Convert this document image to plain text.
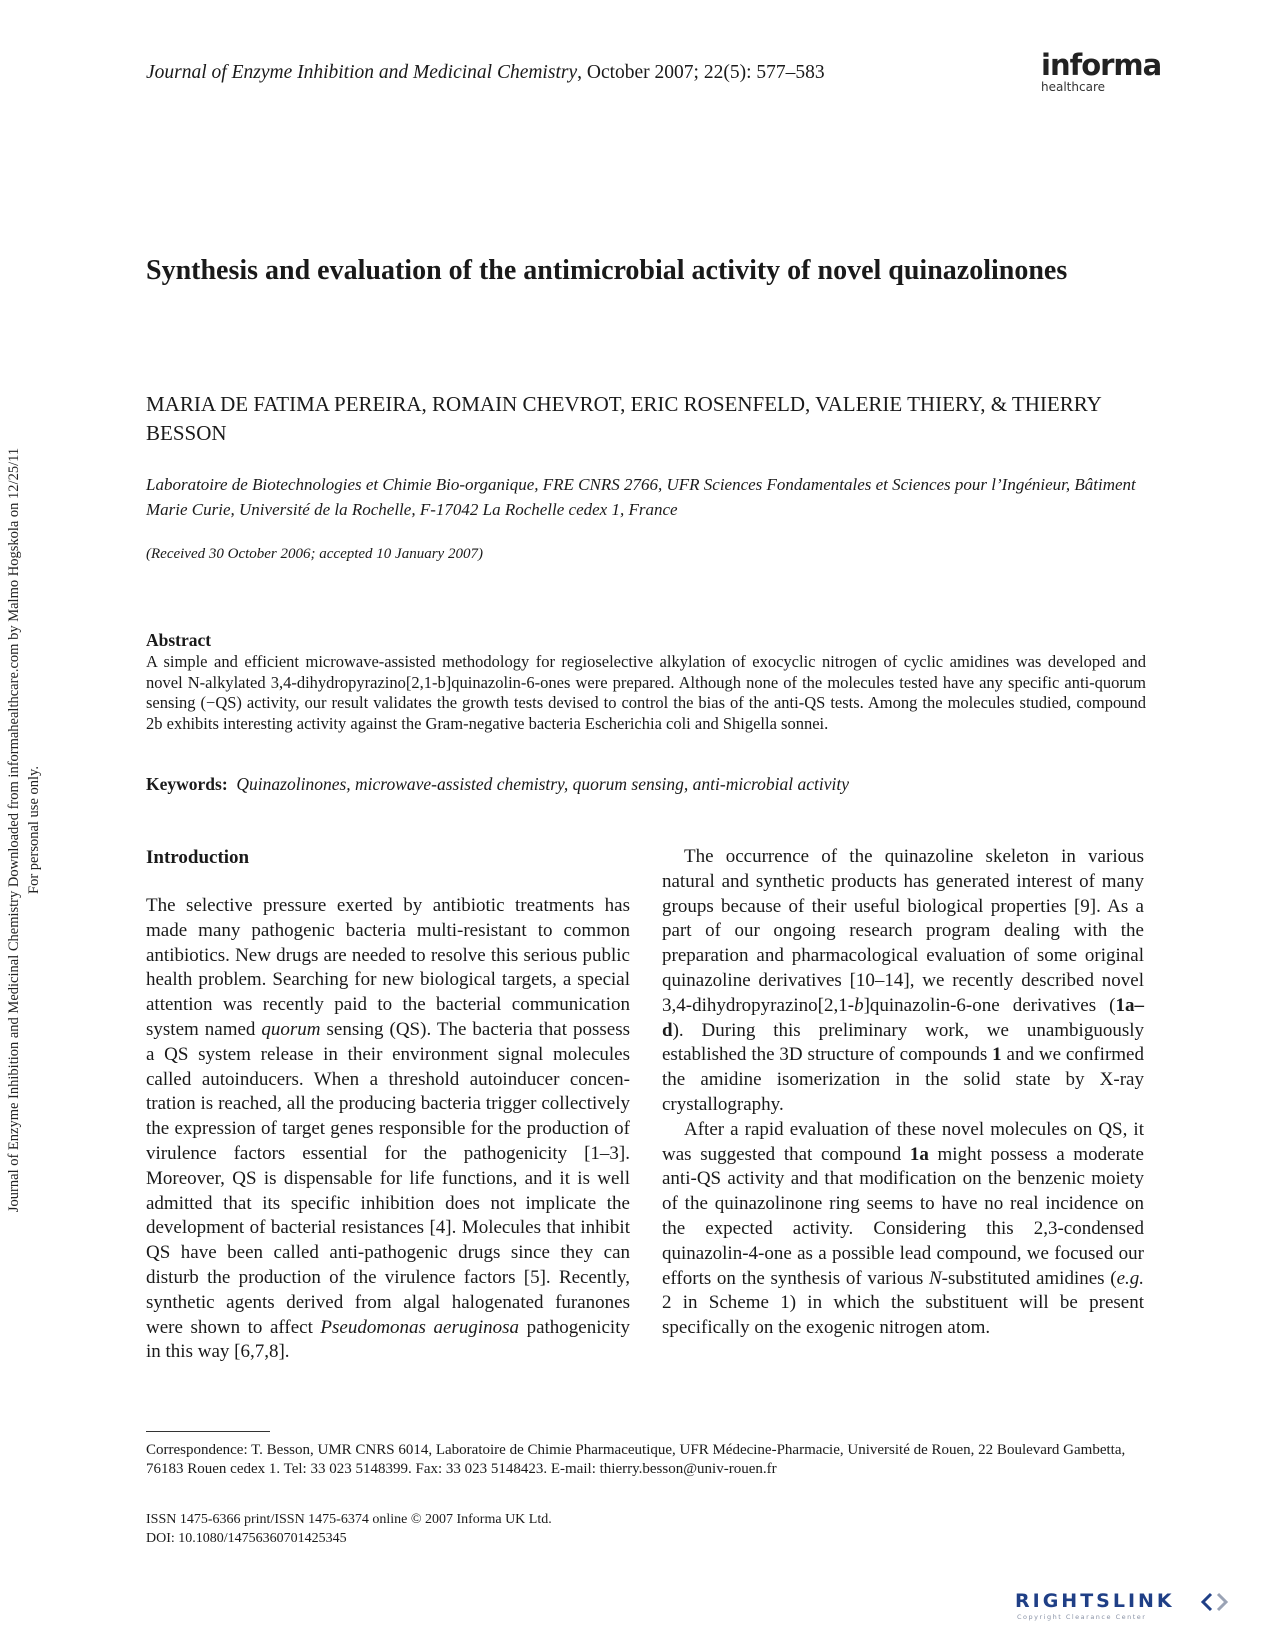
Journal of Enzyme Inhibition and Medicinal Chemistry, October 2007; 22(5): 577–583	informa
healthcare
Journal of Enzyme Inhibition and Medicinal Chemistry Downloaded from informahealthcare.com by Malmo Hogskola on 12/25/11 For personal use only.
Synthesis and evaluation of the antimicrobial activity of novel quinazolinones
MARIA DE FATIMA PEREIRA, ROMAIN CHEVROT, ERIC ROSENFELD, VALERIE THIERY, & THIERRY BESSON
Laboratoire de Biotechnologies et Chimie Bio-organique, FRE CNRS 2766, UFR Sciences Fondamentales et Sciences pour l’Ingénieur, Bâtiment Marie Curie, Université de la Rochelle, F-17042 La Rochelle cedex 1, France
(Received 30 October 2006; accepted 10 January 2007)
Abstract
A simple and efficient microwave-assisted methodology for regioselective alkylation of exocyclic nitrogen of cyclic amidines was developed and novel N-alkylated 3,4-dihydropyrazino[2,1-b]quinazolin-6-ones were prepared. Although none of the molecules tested have any specific anti-quorum sensing (−QS) activity, our result validates the growth tests devised to control the bias of the anti-QS tests. Among the molecules studied, compound 2b exhibits interesting activity against the Gram-negative bacteria Escherichia coli and Shigella sonnei.
Keywords: Quinazolinones, microwave-assisted chemistry, quorum sensing, anti-microbial activity
Introduction
The selective pressure exerted by antibiotic treatments has made many pathogenic bacteria multi-resistant to common antibiotics. New drugs are needed to resolve this serious public health problem. Searching for new biological targets, a special attention was recently paid to the bacterial communication system named quorum sensing (QS). The bacteria that possess a QS system release in their environment signal molecules called autoinducers. When a threshold autoinducer concentration is reached, all the producing bacteria trigger collectively the expression of target genes responsible for the production of virulence factors essential for the pathogenicity [1–3]. Moreover, QS is dispensable for life functions, and it is well admitted that its specific inhibition does not implicate the development of bacterial resistances [4]. Molecules that inhibit QS have been called anti-pathogenic drugs since they can disturb the production of the virulence factors [5]. Recently, synthetic agents derived from algal halogenated furanones were shown to affect Pseudomonas aeruginosa pathogenicity in this way [6,7,8].

The occurrence of the quinazoline skeleton in various natural and synthetic products has generated interest of many groups because of their useful biological properties [9]. As a part of our ongoing research program dealing with the preparation and pharmacological evaluation of some original quinazoline derivatives [10–14], we recently described novel 3,4-dihydropyrazino[2,1-b]quinazolin-6-one derivatives (1a–d). During this preliminary work, we unambiguously established the 3D structure of compounds 1 and we confirmed the amidine isomerization in the solid state by X-ray crystallography.

After a rapid evaluation of these novel molecules on QS, it was suggested that compound 1a might possess a moderate anti-QS activity and that modification on the benzenic moiety of the quinazolinone ring seems to have no real incidence on the expected activity. Considering this 2,3-condensed quinazolin-4-one as a possible lead compound, we focused our efforts on the synthesis of various N-substituted amidines (e.g. 2 in Scheme 1) in which the substituent will be present specifically on the exogenic nitrogen atom.

Correspondence: T. Besson, UMR CNRS 6014, Laboratoire de Chimie Pharmaceutique, UFR Médecine-Pharmacie, Université de Rouen, 22 Boulevard Gambetta, 76183 Rouen cedex 1. Tel: 33 023 5148399. Fax: 33 023 5148423. E-mail: thierry.besson@univ-rouen.fr
ISSN 1475-6366 print/ISSN 1475-6374 online © 2007 Informa UK Ltd.
DOI: 10.1080/14756360701425345
RIGHTSLINK
Copyright Clearance Center
